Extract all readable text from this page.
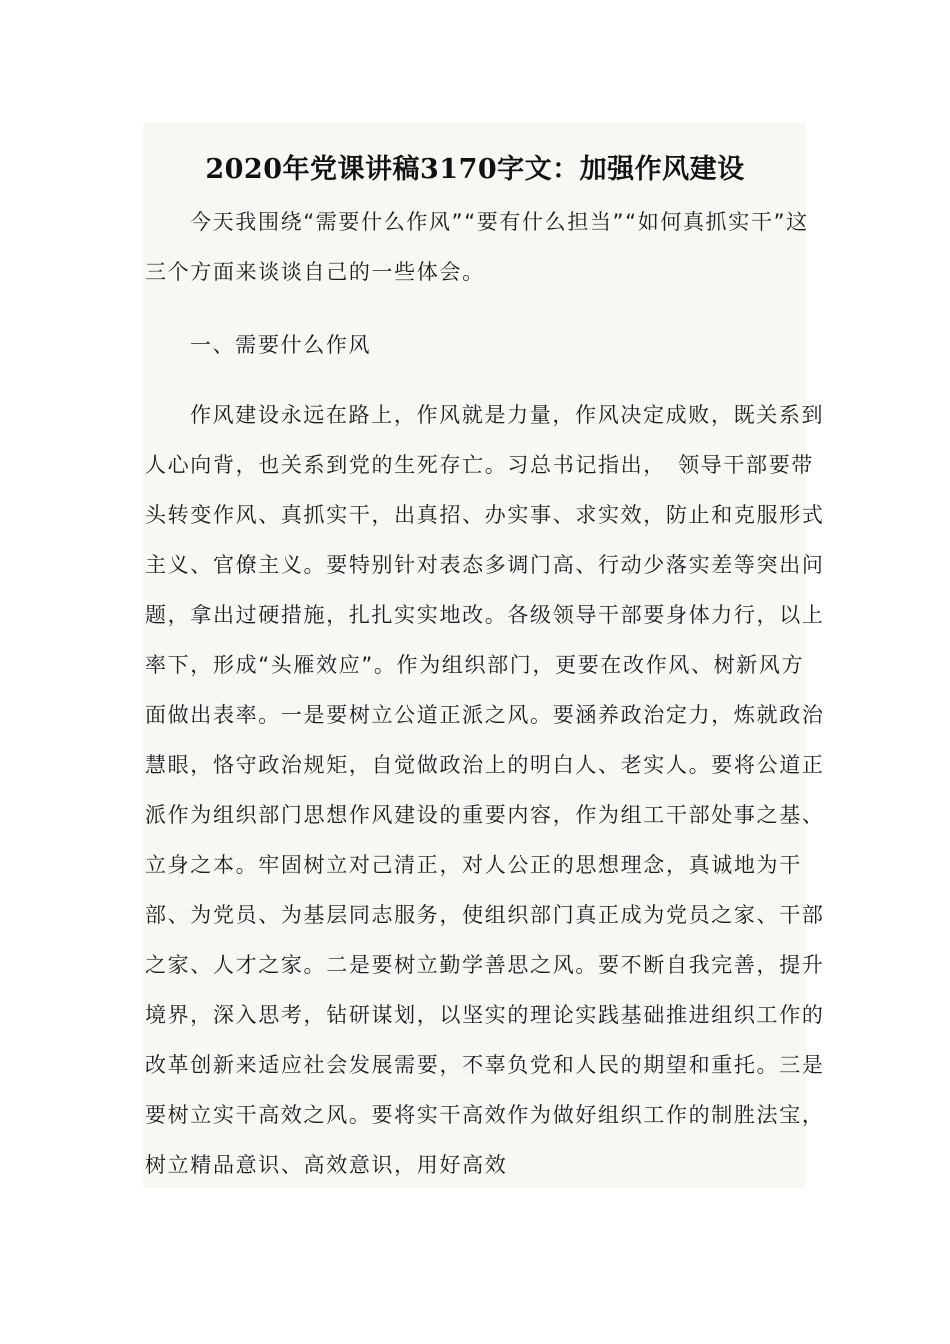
2020年党课讲稿3170字文：加强作风建设

今天我围绕“需要什么作风”“要有什么担当”“如何真抓实干”这三个方面来谈谈自己的一些体会。

一、需要什么作风

作风建设永远在路上，作风就是力量，作风决定成败，既关系到人心向背，也关系到党的生死存亡。习总书记指出，　领导干部要带头转变作风、真抓实干，出真招、办实事、求实效，防止和克服形式主义、官僚主义。要特别针对表态多调门高、行动少落实差等突出问题，拿出过硬措施，扎扎实实地改。各级领导干部要身体力行，以上率下，形成“头雁效应”。作为组织部门，更要在改作风、树新风方面做出表率。一是要树立公道正派之风。要涵养政治定力，炼就政治慧眼，恪守政治规矩，自觉做政治上的明白人、老实人。要将公道正派作为组织部门思想作风建设的重要内容，作为组工干部处事之基、立身之本。牢固树立对己清正，对人公正的思想理念，真诚地为干部、为党员、为基层同志服务，使组织部门真正成为党员之家、干部之家、人才之家。二是要树立勤学善思之风。要不断自我完善，提升境界，深入思考，钻研谋划，以坚实的理论实践基础推进组织工作的改革创新来适应社会发展需要，不辜负党和人民的期望和重托。三是要树立实干高效之风。要将实干高效作为做好组织工作的制胜法宝，树立精品意识、高效意识，用好高效
